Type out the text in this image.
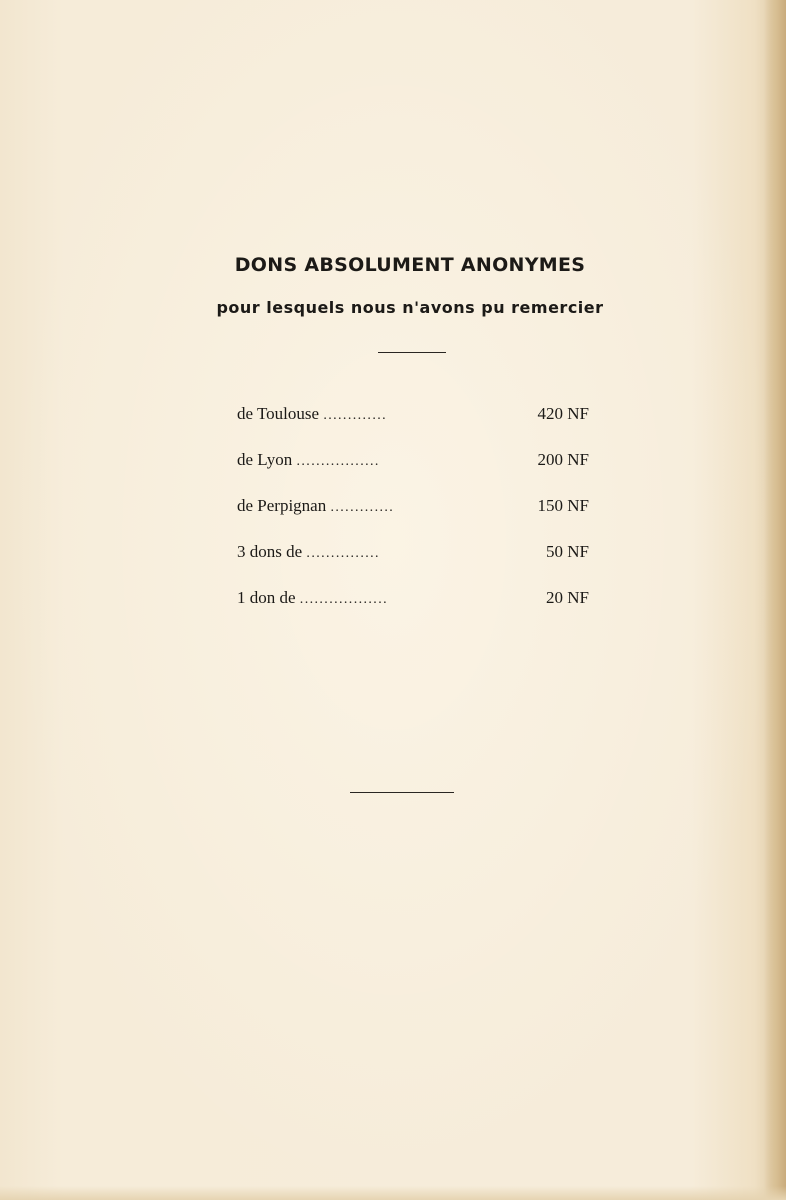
DONS ABSOLUMENT ANONYMES
pour lesquels nous n'avons pu remercier
de Toulouse .............	420 NF
de Lyon .................	200 NF
de Perpignan .............	150 NF
3 dons de ...............	50 NF
1 don de ..................	20 NF
